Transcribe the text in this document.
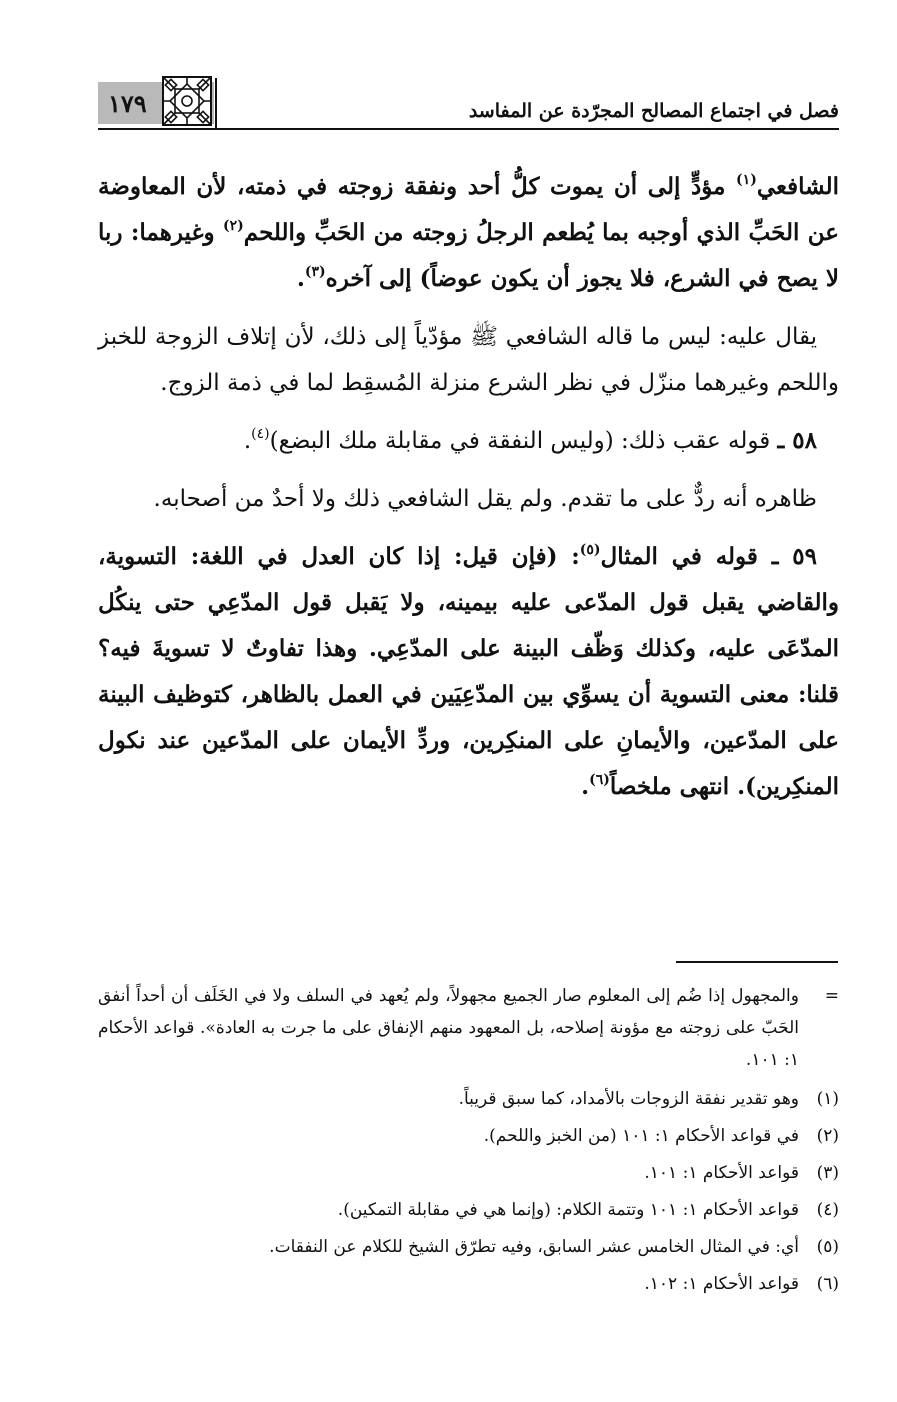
١٧٩	فصل في اجتماع المصالح المجرّدة عن المفاسد

الشافعي$^{(١)}$ مؤدٍّ إلى أن يموت كلُّ أحد ونفقة زوجته في ذمته، لأن المعاوضة عن الحَبِّ الذي أوجبه بما يُطعم الرجلُ زوجته من الحَبِّ واللحم$^{(٢)}$ وغيرهما: ربا لا يصح في الشرع، فلا يجوز أن يكون عوضاً) إلى آخره$^{(٣)}$.

يقال عليه: ليس ما قاله الشافعي ﷺ مؤدّياً إلى ذلك، لأن إتلاف الزوجة للخبز واللحم وغيرهما منزّل في نظر الشرع منزلة المُسقِط لما في ذمة الزوج.

٥٨ ـ قوله عقب ذلك: (وليس النفقة في مقابلة ملك البضع)$^{(٤)}$.

ظاهره أنه ردٌّ على ما تقدم. ولم يقل الشافعي ذلك ولا أحدٌ من أصحابه.

٥٩ ـ قوله في المثال$^{(٥)}$: (فإن قيل: إذا كان العدل في اللغة: التسوية، والقاضي يقبل قول المدّعى عليه بيمينه، ولا يَقبل قول المدّعِي حتى ينكُل المدّعَى عليه، وكذلك وَظّف البينة على المدّعِي. وهذا تفاوتٌ لا تسويةَ فيه؟ قلنا: معنى التسوية أن يسوِّي بين المدّعِيَين في العمل بالظاهر، كتوظيف البينة على المدّعين، والأيمانِ على المنكِرين، وردِّ الأيمان على المدّعين عند نكول المنكِرين). انتهى ملخصاً$^{(٦)}$.

=
والمجهول إذا ضُم إلى المعلوم صار الجميع مجهولاً، ولم يُعهد في السلف ولا في الخَلَف أن أحداً أنفق الحَبّ على زوجته مع مؤونة إصلاحه، بل المعهود منهم الإنفاق على ما جرت به العادة». قواعد الأحكام ١: ١٠١.
(١)
وهو تقدير نفقة الزوجات بالأمداد، كما سبق قريباً.
(٢)
في قواعد الأحكام ١: ١٠١ (من الخبز واللحم).
(٣)
قواعد الأحكام ١: ١٠١.
(٤)
قواعد الأحكام ١: ١٠١ وتتمة الكلام: (وإنما هي في مقابلة التمكين).
(٥)
أي: في المثال الخامس عشر السابق، وفيه تطرّق الشيخ للكلام عن النفقات.
(٦)
قواعد الأحكام ١: ١٠٢.
